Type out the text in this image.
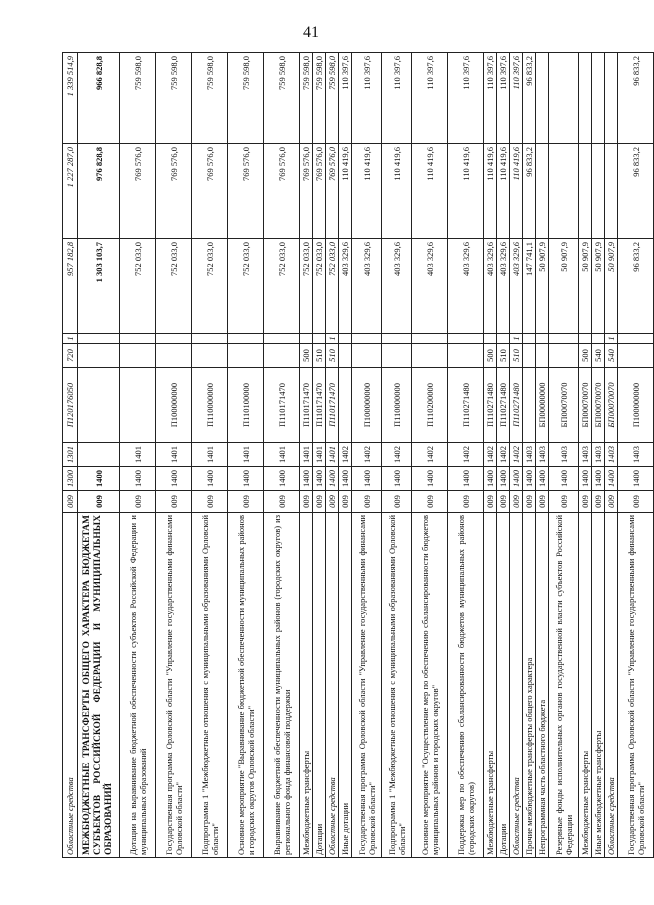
41
Областные средства	009	1300	1301	П120176050	720	1	957 182,8	1 227 287,0	1 339 514,9
МЕЖБЮДЖЕТНЫЕ ТРАНСФЕРТЫ ОБЩЕГО ХАРАКТЕРА БЮДЖЕТАМ СУБЪЕКТОВ РОССИЙСКОЙ ФЕДЕРАЦИИ И МУНИЦИПАЛЬНЫХ ОБРАЗОВАНИЙ	009	1400					1 303 103,7	976 828,8	966 828,8
Дотации на выравнивание бюджетной обеспеченности субъектов Российской Федерации и муниципальных образований	009	1400	1401				752 033,0	769 576,0	759 598,0
Государственная программа Орловской области "Управление государственными финансами Орловской области"	009	1400	1401	П100000000			752 033,0	769 576,0	759 598,0
Подпрограмма 1 "Межбюджетные отношения с муниципальными образованиями Орловской области"	009	1400	1401	П110000000			752 033,0	769 576,0	759 598,0
Основное мероприятие "Выравнивание бюджетной обеспеченности муниципальных районов и городских округов Орловской области"	009	1400	1401	П110100000			752 033,0	769 576,0	759 598,0
Выравнивание бюджетной обеспеченности муниципальных районов (городских округов) из регионального фонда финансовой поддержки	009	1400	1401	П110171470			752 033,0	769 576,0	759 598,0
Межбюджетные трансферты	009	1400	1401	П110171470	500		752 033,0	769 576,0	759 598,0
Дотации	009	1400	1401	П110171470	510		752 033,0	769 576,0	759 598,0
Областные средства	009	1400	1401	П110171470	510	1	752 033,0	769 576,0	759 598,0
Иные дотации	009	1400	1402				403 329,6	110 419,6	110 397,6
Государственная программа Орловской области "Управление государственными финансами Орловской области"	009	1400	1402	П100000000			403 329,6	110 419,6	110 397,6
Подпрограмма 1 "Межбюджетные отношения с муниципальными образованиями Орловской области"	009	1400	1402	П110000000			403 329,6	110 419,6	110 397,6
Основное мероприятие "Осуществление мер по обеспечению сбалансированности бюджетов муниципальных районов и городских округов"	009	1400	1402	П110200000			403 329,6	110 419,6	110 397,6
Поддержка мер по обеспечению сбалансированности бюджетов муниципальных районов (городских округов)	009	1400	1402	П110271480			403 329,6	110 419,6	110 397,6
Межбюджетные трансферты	009	1400	1402	П110271480	500		403 329,6	110 419,6	110 397,6
Дотации	009	1400	1402	П110271480	510		403 329,6	110 419,6	110 397,6
Областные средства	009	1400	1402	П110271480	510	1	403 329,6	110 419,6	110 397,6
Прочие межбюджетные трансферты общего характера	009	1400	1403				147 741,1	96 833,2	96 833,2
Непрограммная часть областного бюджета	009	1400	1403	БП00000000			50 907,9		
Резервные фонды исполнительных органов государственной власти субъектов Российской Федерации	009	1400	1403	БП00070070			50 907,9		
Межбюджетные трансферты	009	1400	1403	БП00070070	500		50 907,9		
Иные межбюджетные трансферты	009	1400	1403	БП00070070	540		50 907,9		
Областные средства	009	1400	1403	БП00070070	540	1	50 907,9		
Государственная программа Орловской области "Управление государственными финансами Орловской области"	009	1400	1403	П100000000			96 833,2	96 833,2	96 833,2
